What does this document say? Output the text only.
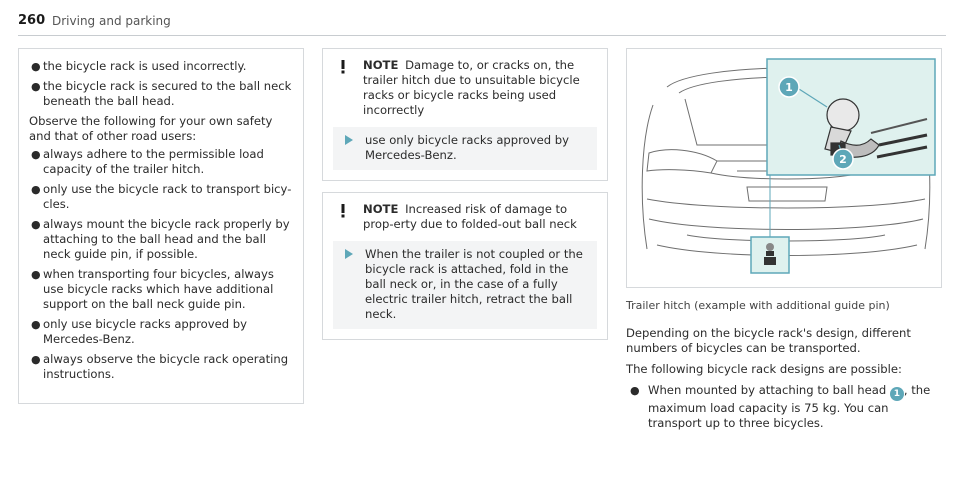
260 Driving and parking
● the bicycle rack is used incorrectly.
● the bicycle rack is secured to the ball neck beneath the ball head.

Observe the following for your own safety and that of other road users:

● always adhere to the permissible load capacity of the trailer hitch.
● only use the bicycle rack to transport bicy-cles.
● always mount the bicycle rack properly by attaching to the ball head and the ball neck guide pin, if possible.
● when transporting four bicycles, always use bicycle racks which have additional support on the ball neck guide pin.
● only use bicycle racks approved by Mercedes-Benz.
● always observe the bicycle rack operating instructions.
NOTE Damage to, or cracks on, the trailer hitch due to unsuitable bicycle racks or bicycle racks being used incorrectly
use only bicycle racks approved by Mercedes-Benz.
NOTE Increased risk of damage to prop-erty due to folded-out ball neck
When the trailer is not coupled or the bicycle rack is attached, fold in the ball neck or, in the case of a fully electric trailer hitch, retract the ball neck.
1
2
Trailer hitch (example with additional guide pin)

Depending on the bicycle rack's design, different numbers of bicycles can be transported.

The following bicycle rack designs are possible:

● When mounted by attaching to ball head 1 , the maximum load capacity is 75 kg. You can transport up to three bicycles.
